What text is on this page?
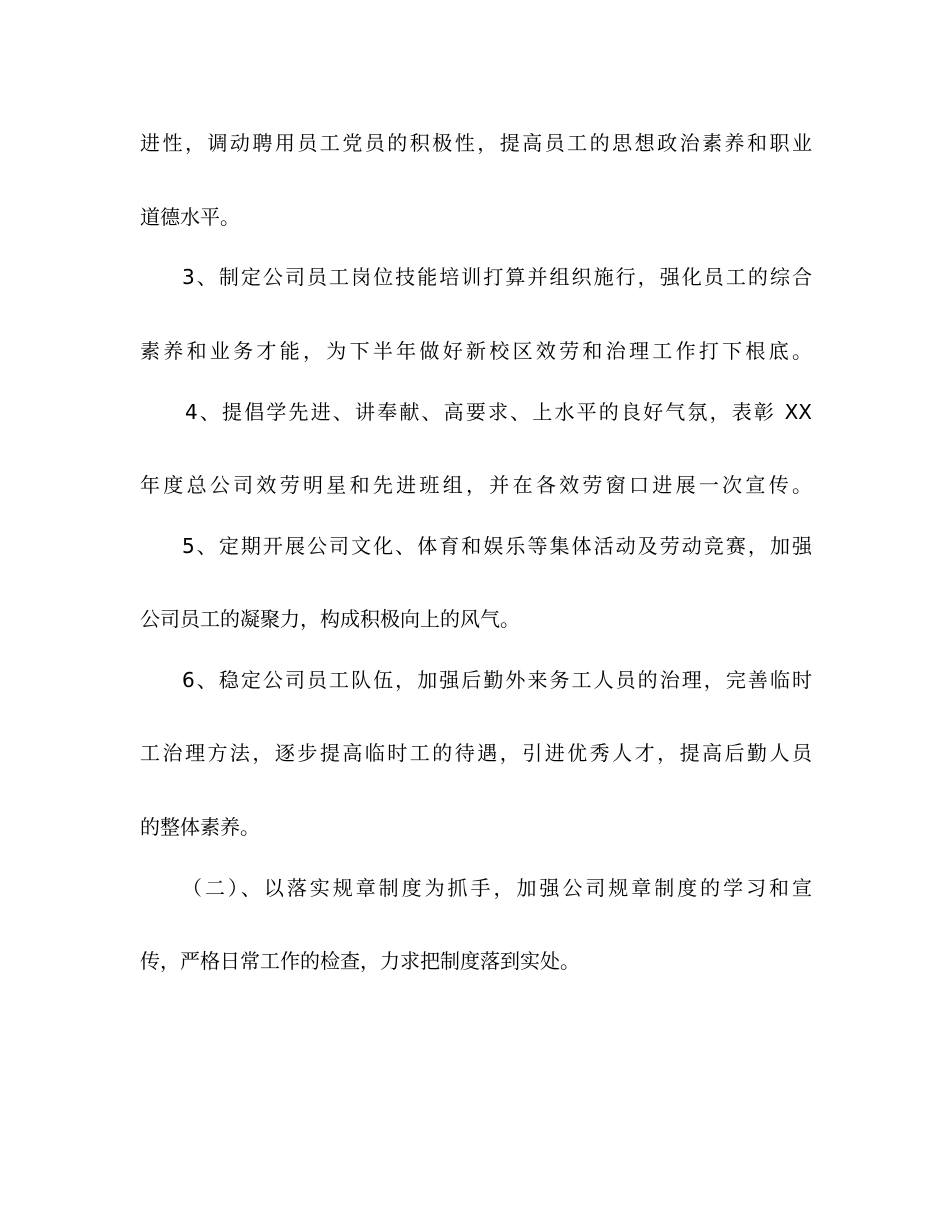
进性，调动聘用员工党员的积极性，提高员工的思想政治素养和职业
道德水平。
3、制定公司员工岗位技能培训打算并组织施行，强化员工的综合
素养和业务才能，为下半年做好新校区效劳和治理工作打下根底。
4、提倡学先进、讲奉献、高要求、上水平的良好气氛，表彰 XX
年度总公司效劳明星和先进班组，并在各效劳窗口进展一次宣传。
5、定期开展公司文化、体育和娱乐等集体活动及劳动竞赛，加强
公司员工的凝聚力，构成积极向上的风气。
6、稳定公司员工队伍，加强后勤外来务工人员的治理，完善临时
工治理方法，逐步提高临时工的待遇，引进优秀人才，提高后勤人员
的整体素养。
（二）、以落实规章制度为抓手，加强公司规章制度的学习和宣
传，严格日常工作的检查，力求把制度落到实处。
